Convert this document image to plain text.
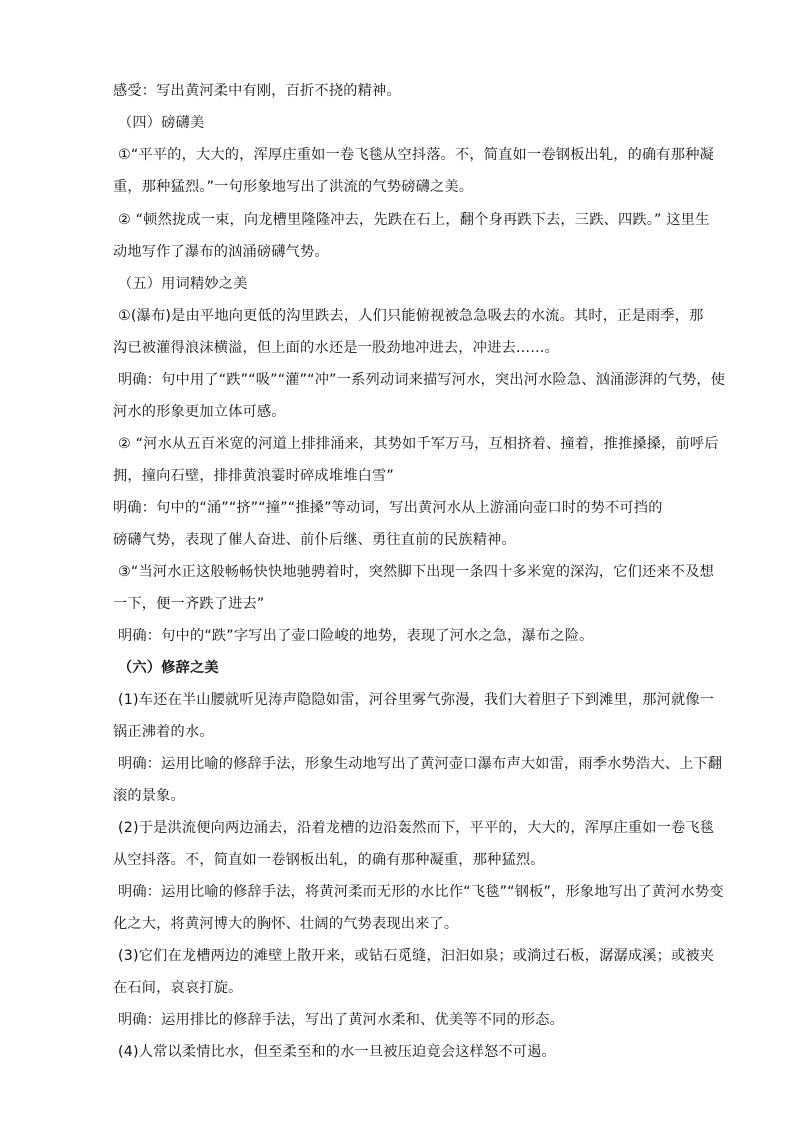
感受：写出黄河柔中有刚，百折不挠的精神。
（四）磅礴美
①“平平的，大大的，浑厚庄重如一卷飞毯从空抖落。不，简直如一卷钢板出轧，的确有那种凝
重，那种猛烈。”一句形象地写出了洪流的气势磅礴之美。
② “顿然拢成一束，向龙槽里隆隆冲去，先跌在石上，翻个身再跌下去，三跌、四跌。” 这里生
动地写作了瀑布的汹涌磅礴气势。
（五）用词精妙之美
①(瀑布)是由平地向更低的沟里跌去，人们只能俯视被急急吸去的水流。其时，正是雨季，那
沟已被灌得浪沫横溢，但上面的水还是一股劲地冲进去，冲进去……。
明确：句中用了“跌”“吸”“灌”“冲”一系列动词来描写河水，突出河水险急、汹涌澎湃的气势，使
河水的形象更加立体可感。
② “河水从五百米宽的河道上排排涌来，其势如千军万马，互相挤着、撞着，推推搡搡，前呼后
拥，撞向石壁，排排黄浪霎时碎成堆堆白雪”
明确：句中的“涌”“挤”“撞”“推搡”等动词，写出黄河水从上游涌向壶口时的势不可挡的
磅礴气势，表现了催人奋进、前仆后继、勇往直前的民族精神。
③“当河水正这般畅畅快快地驰骋着时，突然脚下出现一条四十多米宽的深沟，它们还来不及想
一下，便一齐跌了进去”
明确：句中的“跌”字写出了壶口险峻的地势，表现了河水之急，瀑布之险。
（六）修辞之美
(1)车还在半山腰就听见涛声隐隐如雷，河谷里雾气弥漫，我们大着胆子下到滩里，那河就像一
锅正沸着的水。
明确：运用比喻的修辞手法，形象生动地写出了黄河壶口瀑布声大如雷，雨季水势浩大、上下翻
滚的景象。
(2)于是洪流便向两边涌去，沿着龙槽的边沿轰然而下，平平的，大大的，浑厚庄重如一卷飞毯
从空抖落。不，简直如一卷钢板出轧，的确有那种凝重，那种猛烈。
明确：运用比喻的修辞手法，将黄河柔而无形的水比作“飞毯”“钢板”，形象地写出了黄河水势变
化之大，将黄河博大的胸怀、壮阔的气势表现出来了。
(3)它们在龙槽两边的滩壁上散开来，或钻石觅缝，汩汩如泉；或淌过石板，潺潺成溪；或被夹
在石间，哀哀打旋。
明确：运用排比的修辞手法，写出了黄河水柔和、优美等不同的形态。
(4)人常以柔情比水，但至柔至和的水一旦被压迫竟会这样怒不可遏。
